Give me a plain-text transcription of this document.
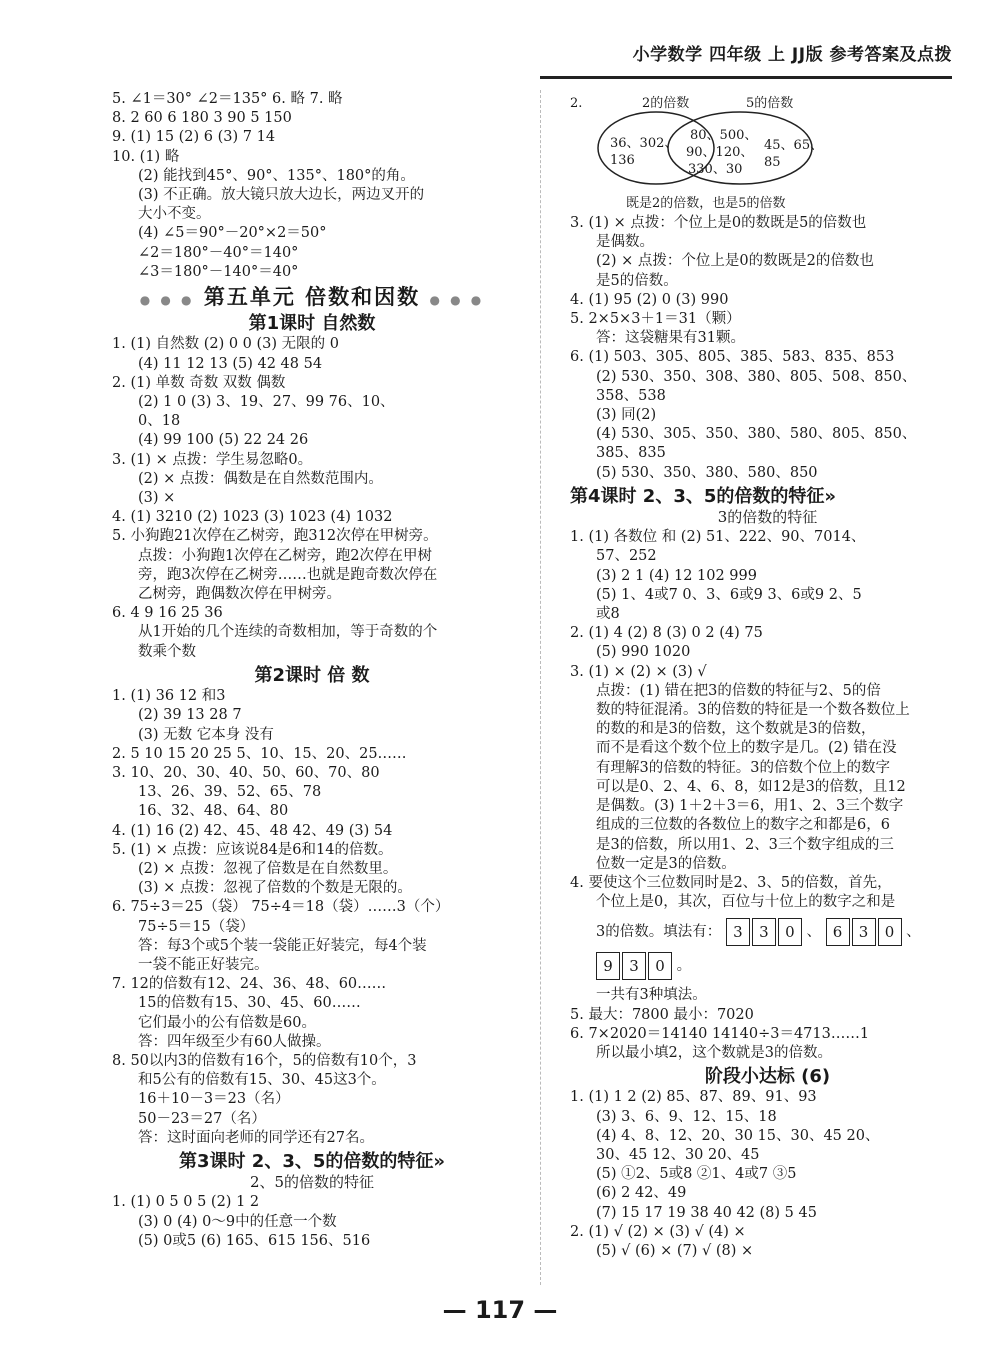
小学数学 四年级 上 JJ版 参考答案及点拨
5. ∠1＝30° ∠2＝135° 6. 略 7. 略
8. 2 60 6 180 3 90 5 150
9. (1) 15 (2) 6 (3) 7 14
10. (1) 略
(2) 能找到45°、90°、135°、180°的角。
(3) 不正确。放大镜只放大边长，两边叉开的
大小不变。
(4) ∠5＝90°－20°×2＝50°
∠2＝180°－40°＝140°
∠3＝180°－140°＝40°
● ● ● 第五单元 倍数和因数 ● ● ●
第1课时 自然数
1. (1) 自然数 (2) 0 0 (3) 无限的 0
(4) 11 12 13 (5) 42 48 54
2. (1) 单数 奇数 双数 偶数
(2) 1 0 (3) 3、19、27、99 76、10、
0、18
(4) 99 100 (5) 22 24 26
3. (1) × 点拨：学生易忽略0。
(2) × 点拨：偶数是在自然数范围内。
(3) ×
4. (1) 3210 (2) 1023 (3) 1023 (4) 1032
5. 小狗跑21次停在乙树旁，跑312次停在甲树旁。
点拨：小狗跑1次停在乙树旁，跑2次停在甲树
旁，跑3次停在乙树旁……也就是跑奇数次停在
乙树旁，跑偶数次停在甲树旁。
6. 4 9 16 25 36
从1开始的几个连续的奇数相加，等于奇数的个
数乘个数
第2课时 倍 数
1. (1) 36 12 和3
(2) 39 13 28 7
(3) 无数 它本身 没有
2. 5 10 15 20 25 5、10、15、20、25……
3. 10、20、30、40、50、60、70、80
13、26、39、52、65、78
16、32、48、64、80
4. (1) 16 (2) 42、45、48 42、49 (3) 54
5. (1) × 点拨：应该说84是6和14的倍数。
(2) × 点拨：忽视了倍数是在自然数里。
(3) × 点拨：忽视了倍数的个数是无限的。
6. 75÷3＝25（袋） 75÷4＝18（袋）……3（个）
75÷5＝15（袋）
答：每3个或5个装一袋能正好装完，每4个装
一袋不能正好装完。
7. 12的倍数有12、24、36、48、60……
15的倍数有15、30、45、60……
它们最小的公有倍数是60。
答：四年级至少有60人做操。
8. 50以内3的倍数有16个，5的倍数有10个，3
和5公有的倍数有15、30、45这3个。
16＋10－3＝23（名）
50－23＝27（名）
答：这时面向老师的同学还有27名。
第3课时 2、3、5的倍数的特征»
2、5的倍数的特征
1. (1) 0 5 0 5 (2) 1 2
(3) 0 (4) 0～9中的任意一个数
(5) 0或5 (6) 165、615 156、516
2.	2的倍数	5的倍数
36、302、
136
80、500、
90、120、
330、30
45、65、
85
既是2的倍数，也是5的倍数
3. (1) × 点拨：个位上是0的数既是5的倍数也
是偶数。
(2) × 点拨：个位上是0的数既是2的倍数也
是5的倍数。
4. (1) 95 (2) 0 (3) 990
5. 2×5×3＋1＝31（颗）
答：这袋糖果有31颗。
6. (1) 503、305、805、385、583、835、853
(2) 530、350、308、380、805、508、850、
358、538
(3) 同(2)
(4) 530、305、350、380、580、805、850、
385、835
(5) 530、350、380、580、850
第4课时 2、3、5的倍数的特征»
3的倍数的特征
1. (1) 各数位 和 (2) 51、222、90、7014、
57、252
(3) 2 1 (4) 12 102 999
(5) 1、4或7 0、3、6或9 3、6或9 2、5
或8
2. (1) 4 (2) 8 (3) 0 2 (4) 75
(5) 990 1020
3. (1) × (2) × (3) √
点拨：(1) 错在把3的倍数的特征与2、5的倍
数的特征混淆。3的倍数的特征是一个数各数位上
的数的和是3的倍数，这个数就是3的倍数，
而不是看这个数个位上的数字是几。(2) 错在没
有理解3的倍数的特征。3的倍数个位上的数字
可以是0、2、4、6、8，如12是3的倍数，且12
是偶数。(3) 1＋2＋3＝6，用1、2、3三个数字
组成的三位数的各数位上的数字之和都是6，6
是3的倍数，所以用1、2、3三个数字组成的三
位数一定是3的倍数。
4. 要使这个三位数同时是2、3、5的倍数，首先，
个位上是0，其次，百位与十位上的数字之和是
3的倍数。填法有： 3	3	0 、 6	3	0 、
9	3	0 。
一共有3种填法。
5. 最大：7800 最小：7020
6. 7×2020＝14140 14140÷3＝4713……1
所以最小填2，这个数就是3的倍数。
阶段小达标 (6)
1. (1) 1 2 (2) 85、87、89、91、93
(3) 3、6、9、12、15、18
(4) 4、8、12、20、30 15、30、45 20、
30、45 12、30 20、45
(5) ①2、5或8 ②1、4或7 ③5
(6) 2 42、49
(7) 15 17 19 38 40 42 (8) 5 45
2. (1) √ (2) × (3) √ (4) ×
(5) √ (6) × (7) √ (8) ×
— 117 —
